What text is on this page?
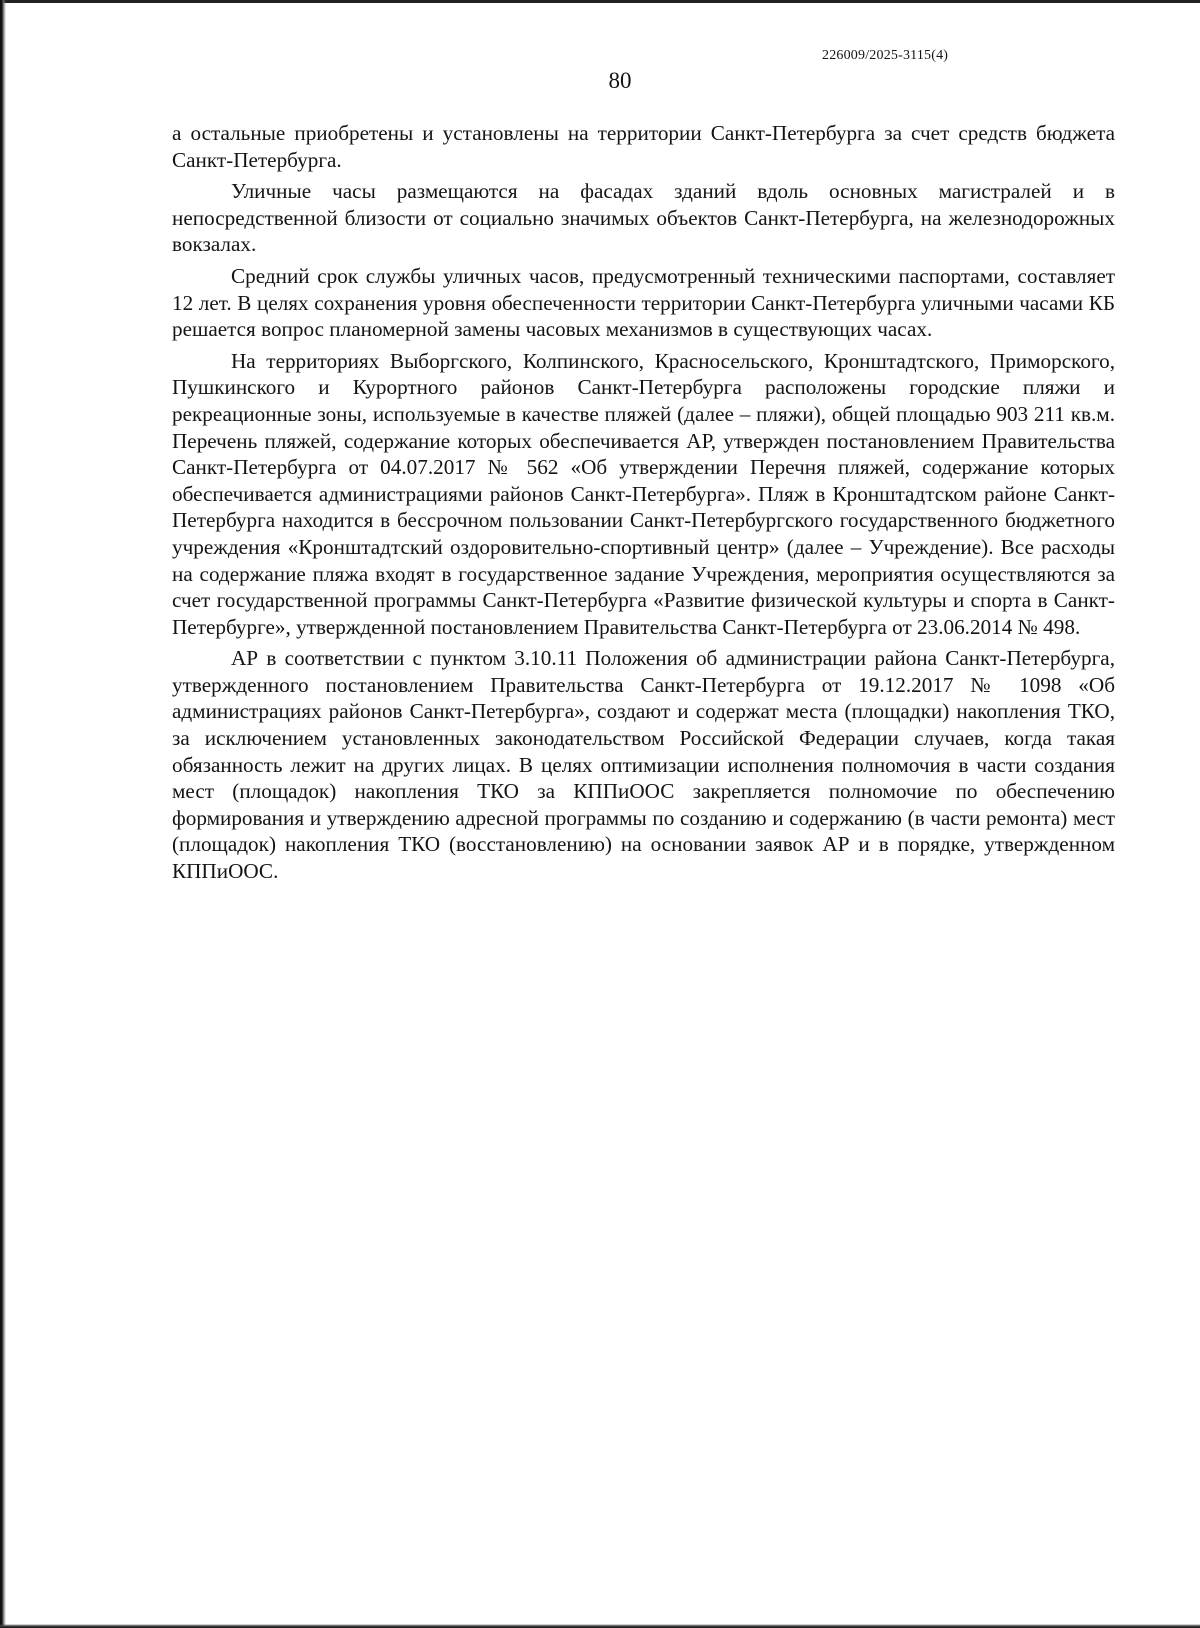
226009/2025-3115(4)
80

а остальные приобретены и установлены на территории Санкт-Петербурга за счет средств бюджета Санкт-Петербурга.

Уличные часы размещаются на фасадах зданий вдоль основных магистралей и в непосредственной близости от социально значимых объектов Санкт-Петербурга, на железнодорожных вокзалах.

Средний срок службы уличных часов, предусмотренный техническими паспортами, составляет 12 лет. В целях сохранения уровня обеспеченности территории Санкт-Петербурга уличными часами КБ решается вопрос планомерной замены часовых механизмов в существующих часах.

На территориях Выборгского, Колпинского, Красносельского, Кронштадтского, Приморского, Пушкинского и Курортного районов Санкт-Петербурга расположены городские пляжи и рекреационные зоны, используемые в качестве пляжей (далее – пляжи), общей площадью 903 211 кв.м. Перечень пляжей, содержание которых обеспечивается АР, утвержден постановлением Правительства Санкт-Петербурга от 04.07.2017 № 562 «Об утверждении Перечня пляжей, содержание которых обеспечивается администрациями районов Санкт-Петербурга». Пляж в Кронштадтском районе Санкт-Петербурга находится в бессрочном пользовании Санкт-Петербургского государственного бюджетного учреждения «Кронштадтский оздоровительно-спортивный центр» (далее – Учреждение). Все расходы на содержание пляжа входят в государственное задание Учреждения, мероприятия осуществляются за счет государственной программы Санкт-Петербурга «Развитие физической культуры и спорта в Санкт-Петербурге», утвержденной постановлением Правительства Санкт-Петербурга от 23.06.2014 № 498.

АР в соответствии с пунктом 3.10.11 Положения об администрации района Санкт-Петербурга, утвержденного постановлением Правительства Санкт-Петербурга от 19.12.2017 № 1098 «Об администрациях районов Санкт-Петербурга», создают и содержат места (площадки) накопления ТКО, за исключением установленных законодательством Российской Федерации случаев, когда такая обязанность лежит на других лицах. В целях оптимизации исполнения полномочия в части создания мест (площадок) накопления ТКО за КППиООС закрепляется полномочие по обеспечению формирования и утверждению адресной программы по созданию и содержанию (в части ремонта) мест (площадок) накопления ТКО (восстановлению) на основании заявок АР и в порядке, утвержденном КППиООС.
